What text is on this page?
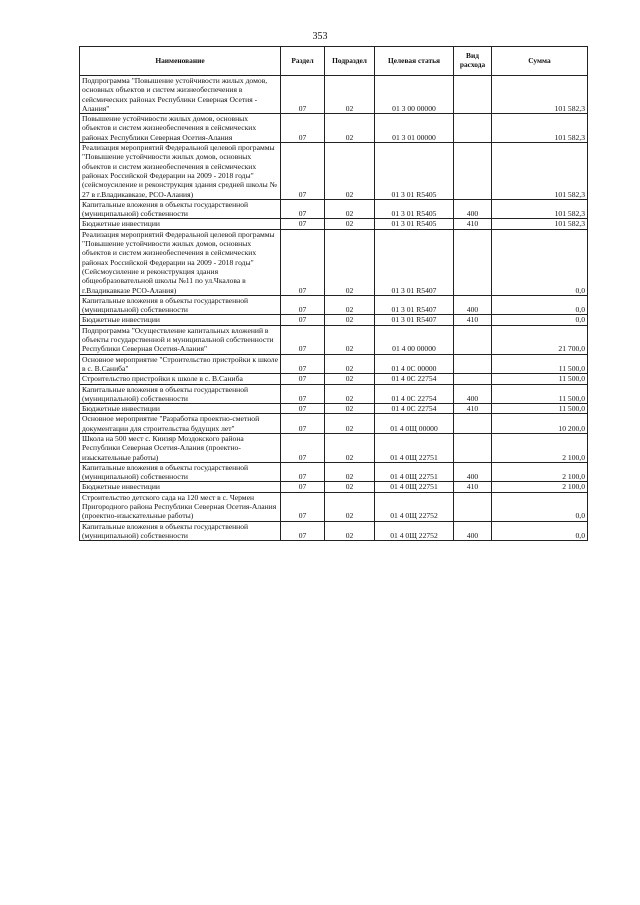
353
Наименование	Раздел	Подраздел	Целевая статья	Вид расхода	Сумма
Подпрограмма "Повышение устойчивости жилых домов, основных объектов и систем жизнеобеспечения в сейсмических районах Республики Северная Осетия - Алания"	07	02	01 3 00 00000		101 582,3
Повышение устойчивости жилых домов, основных объектов и систем жизнеобеспечения в сейсмических районах Республики Северная Осетия-Алания	07	02	01 3 01 00000		101 582,3
Реализация мероприятий Федеральной целевой программы "Повышение устойчивости жилых домов, основных объектов и систем жизнеобеспечения в сейсмических районах Российской Федерации на 2009 - 2018 годы" (сейсмоусиление и реконструкция здания средней школы № 27 в г.Владикавказе, РСО-Алания)	07	02	01 3 01 R5405		101 582,3
Капитальные вложения в объекты государственной (муниципальной) собственности	07	02	01 3 01 R5405	400	101 582,3
Бюджетные инвестиции	07	02	01 3 01 R5405	410	101 582,3
Реализация мероприятий Федеральной целевой программы "Повышение устойчивости жилых домов, основных объектов и систем жизнеобеспечения в сейсмических районах Российской Федерации на 2009 - 2018 годы" (Сейсмоусиление и реконструкция здания общеобразовательной школы №11 по ул.Чкалова в г.Владикавказе РСО-Алания)	07	02	01 3 01 R5407		0,0
Капитальные вложения в объекты государственной (муниципальной) собственности	07	02	01 3 01 R5407	400	0,0
Бюджетные инвестиции	07	02	01 3 01 R5407	410	0,0
Подпрограмма "Осуществление капитальных вложений в объекты государственной и муниципальной собственности Республики Северная Осетия-Алания"	07	02	01 4 00 00000		21 700,0
Основное мероприятие "Строительство пристройки к школе в с. В.Саниба"	07	02	01 4 0С 00000		11 500,0
Строительство пристройки к школе в с. В.Саниба	07	02	01 4 0С 22754		11 500,0
Капитальные вложения в объекты государственной (муниципальной) собственности	07	02	01 4 0С 22754	400	11 500,0
Бюджетные инвестиции	07	02	01 4 0С 22754	410	11 500,0
Основное мероприятие "Разработка проектно-сметной документации для строительства будущих лет"	07	02	01 4 0Щ 00000		10 200,0
Школа на 500 мест с. Киизяр Моздокского района Республики Северная Осетия-Алания (проектно-изыскательные работы)	07	02	01 4 0Щ 22751		2 100,0
Капитальные вложения в объекты государственной (муниципальной) собственности	07	02	01 4 0Щ 22751	400	2 100,0
Бюджетные инвестиции	07	02	01 4 0Щ 22751	410	2 100,0
Строительство детского сада на 120 мест в с. Чермен Пригородного района Республики Северная Осетия-Алания (проектно-изыскательные работы)	07	02	01 4 0Щ 22752		0,0
Капитальные вложения в объекты государственной (муниципальной) собственности	07	02	01 4 0Щ 22752	400	0,0
